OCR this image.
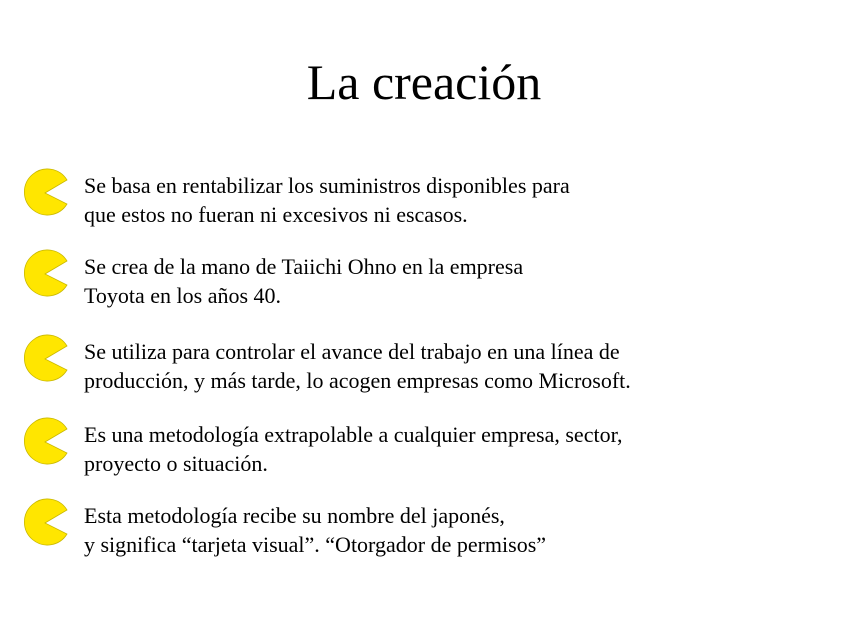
La creación
Se basa en rentabilizar los suministros disponibles para
que estos no fueran ni excesivos ni escasos.
Se crea de la mano de Taiichi Ohno en la empresa
Toyota en los años 40.
Se utiliza para controlar el avance del trabajo en una línea de
producción, y más tarde, lo acogen empresas como Microsoft.
Es una metodología extrapolable a cualquier empresa, sector,
proyecto o situación.
Esta metodología recibe su nombre del japonés,
y significa “tarjeta visual”. “Otorgador de permisos”
